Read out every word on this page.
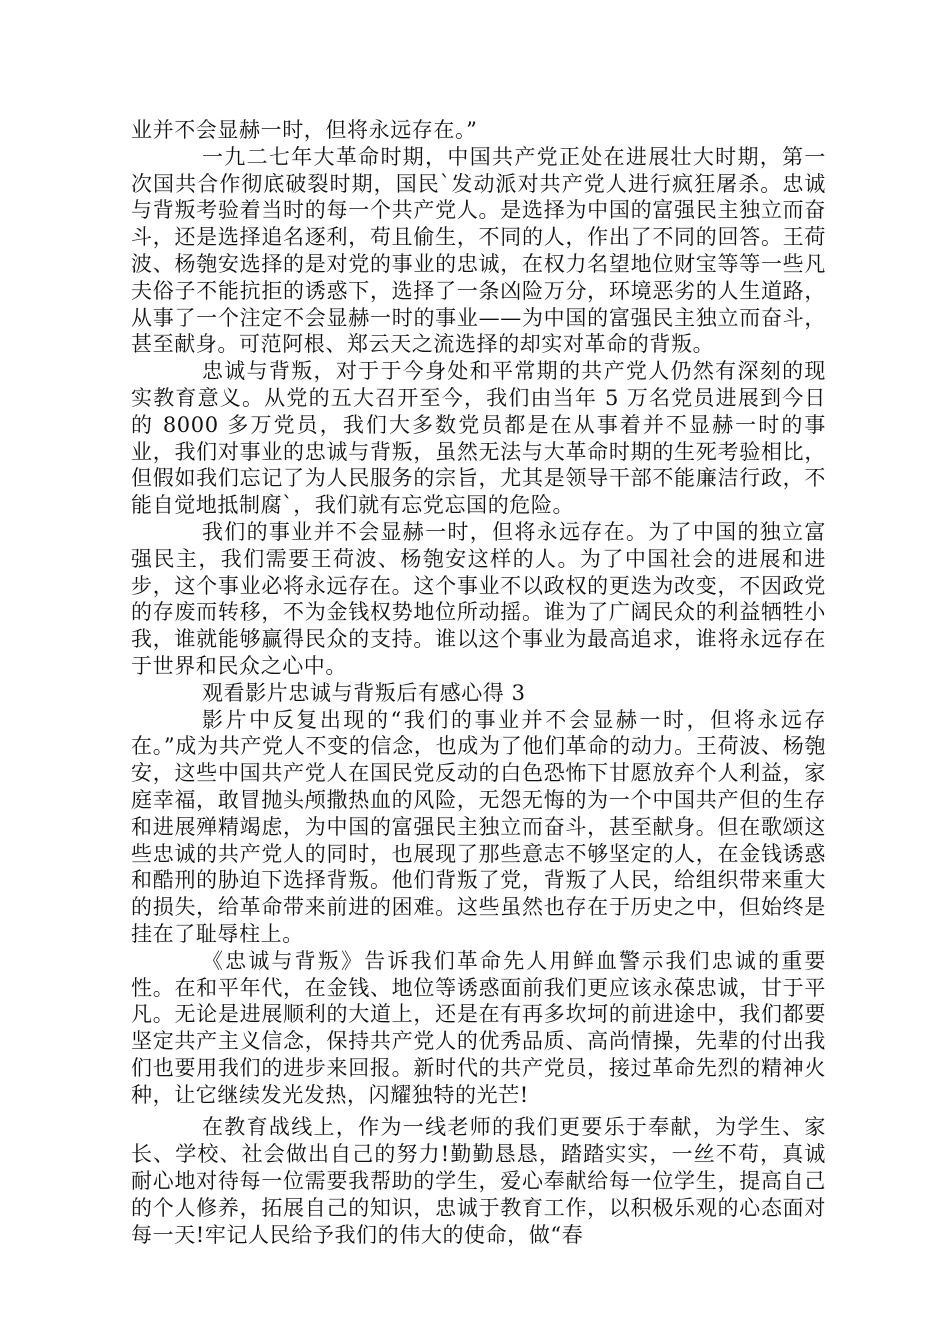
业并不会显赫一时，但将永远存在。”

一九二七年大革命时期，中国共产党正处在进展壮大时期，第一次国共合作彻底破裂时期，国民`发动派对共产党人进行疯狂屠杀。忠诚与背叛考验着当时的每一个共产党人。是选择为中国的富强民主独立而奋斗，还是选择追名逐利，苟且偷生，不同的人，作出了不同的回答。王荷波、杨匏安选择的是对党的事业的忠诚，在权力名望地位财宝等等一些凡夫俗子不能抗拒的诱惑下，选择了一条凶险万分，环境恶劣的人生道路，从事了一个注定不会显赫一时的事业——为中国的富强民主独立而奋斗，甚至献身。可范阿根、郑云天之流选择的却实对革命的背叛。

忠诚与背叛，对于于今身处和平常期的共产党人仍然有深刻的现实教育意义。从党的五大召开至今，我们由当年 5 万名党员进展到今日的 8000 多万党员，我们大多数党员都是在从事着并不显赫一时的事业，我们对事业的忠诚与背叛，虽然无法与大革命时期的生死考验相比，但假如我们忘记了为人民服务的宗旨，尤其是领导干部不能廉洁行政，不能自觉地抵制腐`，我们就有忘党忘国的危险。

我们的事业并不会显赫一时，但将永远存在。为了中国的独立富强民主，我们需要王荷波、杨匏安这样的人。为了中国社会的进展和进步，这个事业必将永远存在。这个事业不以政权的更迭为改变，不因政党的存废而转移，不为金钱权势地位所动摇。谁为了广阔民众的利益牺牲小我，谁就能够赢得民众的支持。谁以这个事业为最高追求，谁将永远存在于世界和民众之心中。

观看影片忠诚与背叛后有感心得 3

影片中反复出现的“我们的事业并不会显赫一时，但将永远存在。”成为共产党人不变的信念，也成为了他们革命的动力。王荷波、杨匏安，这些中国共产党人在国民党反动的白色恐怖下甘愿放弃个人利益，家庭幸福，敢冒抛头颅撒热血的风险，无怨无悔的为一个中国共产但的生存和进展殚精竭虑，为中国的富强民主独立而奋斗，甚至献身。但在歌颂这些忠诚的共产党人的同时，也展现了那些意志不够坚定的人，在金钱诱惑和酷刑的胁迫下选择背叛。他们背叛了党，背叛了人民，给组织带来重大的损失，给革命带来前进的困难。这些虽然也存在于历史之中，但始终是挂在了耻辱柱上。

《忠诚与背叛》告诉我们革命先人用鲜血警示我们忠诚的重要性。在和平年代，在金钱、地位等诱惑面前我们更应该永葆忠诚，甘于平凡。无论是进展顺利的大道上，还是在有再多坎坷的前进途中，我们都要坚定共产主义信念，保持共产党人的优秀品质、高尚情操，先辈的付出我们也要用我们的进步来回报。新时代的共产党员，接过革命先烈的精神火种，让它继续发光发热，闪耀独特的光芒!

在教育战线上，作为一线老师的我们更要乐于奉献，为学生、家长、学校、社会做出自己的努力!勤勤恳恳，踏踏实实，一丝不苟，真诚耐心地对待每一位需要我帮助的学生，爱心奉献给每一位学生，提高自己的个人修养，拓展自己的知识，忠诚于教育工作，以积极乐观的心态面对每一天!牢记人民给予我们的伟大的使命，做“春
